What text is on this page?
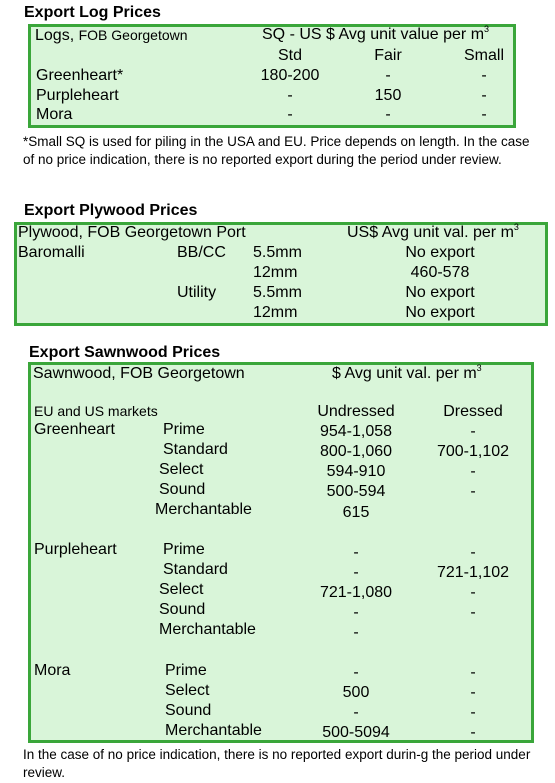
Export Log Prices
Logs, FOB Georgetown	SQ - US $ Avg unit value per $m^3$
Std	Fair	Small
Greenheart*	180-200	-	-
Purpleheart	-	150	-
Mora	-	-	-
*Small SQ is used for piling in the USA and EU. Price depends on length. In the case of no price indication, there is no reported export during the period under review.
Export Plywood Prices
Plywood, FOB Georgetown Port	US$ Avg unit val. per $m^3$
Baromalli	BB/CC 5.5mm	No export
12mm	460-578
Utility 5.5mm	No export
12mm	No export
Export Sawnwood Prices
Sawnwood, FOB Georgetown	$ Avg unit val. per $m^3$
EU and US markets	Undressed	Dressed
Greenheart	Prime	954-1,058	-
Standard	800-1,060	700-1,102
Select	594-910	-
Sound	500-594	-
Merchantable	615
Purpleheart	Prime	-	-
Standard	-	721-1,102
Select	721-1,080	-
Sound	-	-
Merchantable	-
Mora	Prime	-	-
Select	500	-
Sound	-	-
Merchantable	500-5094	-
In the case of no price indication, there is no reported export durin-g the period under review.
